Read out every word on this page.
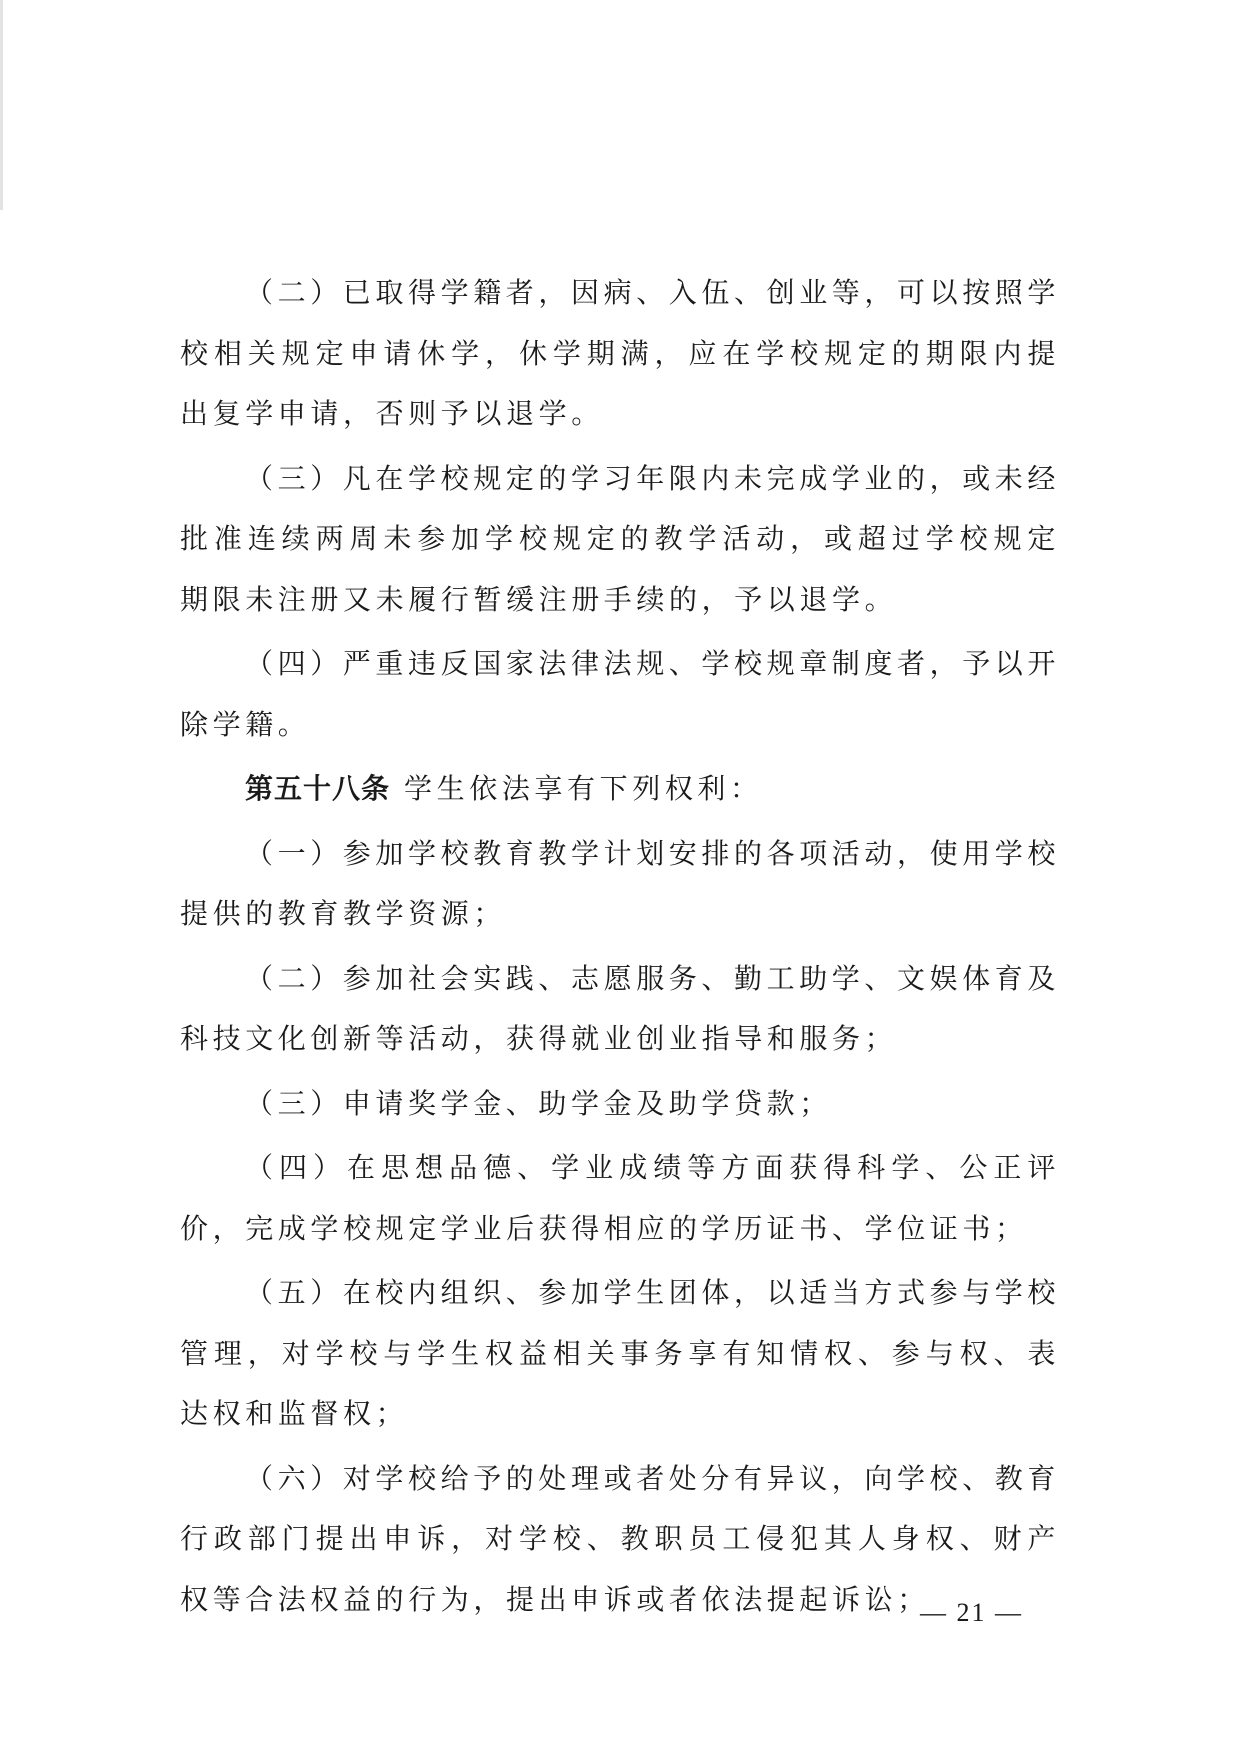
（二）已取得学籍者，因病、入伍、创业等，可以按照学校相关规定申请休学，休学期满，应在学校规定的期限内提出复学申请，否则予以退学。

（三）凡在学校规定的学习年限内未完成学业的，或未经批准连续两周未参加学校规定的教学活动，或超过学校规定期限未注册又未履行暂缓注册手续的，予以退学。

（四）严重违反国家法律法规、学校规章制度者，予以开除学籍。

第五十八条 学生依法享有下列权利：

（一）参加学校教育教学计划安排的各项活动，使用学校提供的教育教学资源；

（二）参加社会实践、志愿服务、勤工助学、文娱体育及科技文化创新等活动，获得就业创业指导和服务；

（三）申请奖学金、助学金及助学贷款；

（四）在思想品德、学业成绩等方面获得科学、公正评价，完成学校规定学业后获得相应的学历证书、学位证书；

（五）在校内组织、参加学生团体，以适当方式参与学校管理，对学校与学生权益相关事务享有知情权、参与权、表达权和监督权；

（六）对学校给予的处理或者处分有异议，向学校、教育行政部门提出申诉，对学校、教职员工侵犯其人身权、财产权等合法权益的行为，提出申诉或者依法提起诉讼；

— 21 —
